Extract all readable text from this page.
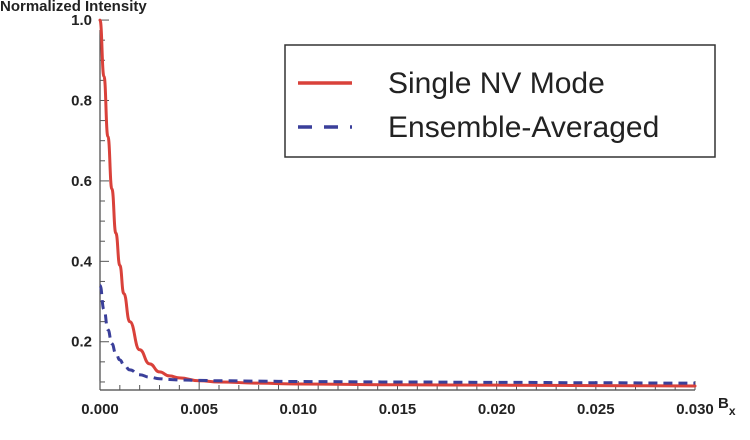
0.2
0.4
0.6
0.8
1.0
0.000	0.005	0.010	0.015	0.020	0.025	0.030
Normalized Intensity
$B_x$
Single NV Mode
Ensemble-Averaged
